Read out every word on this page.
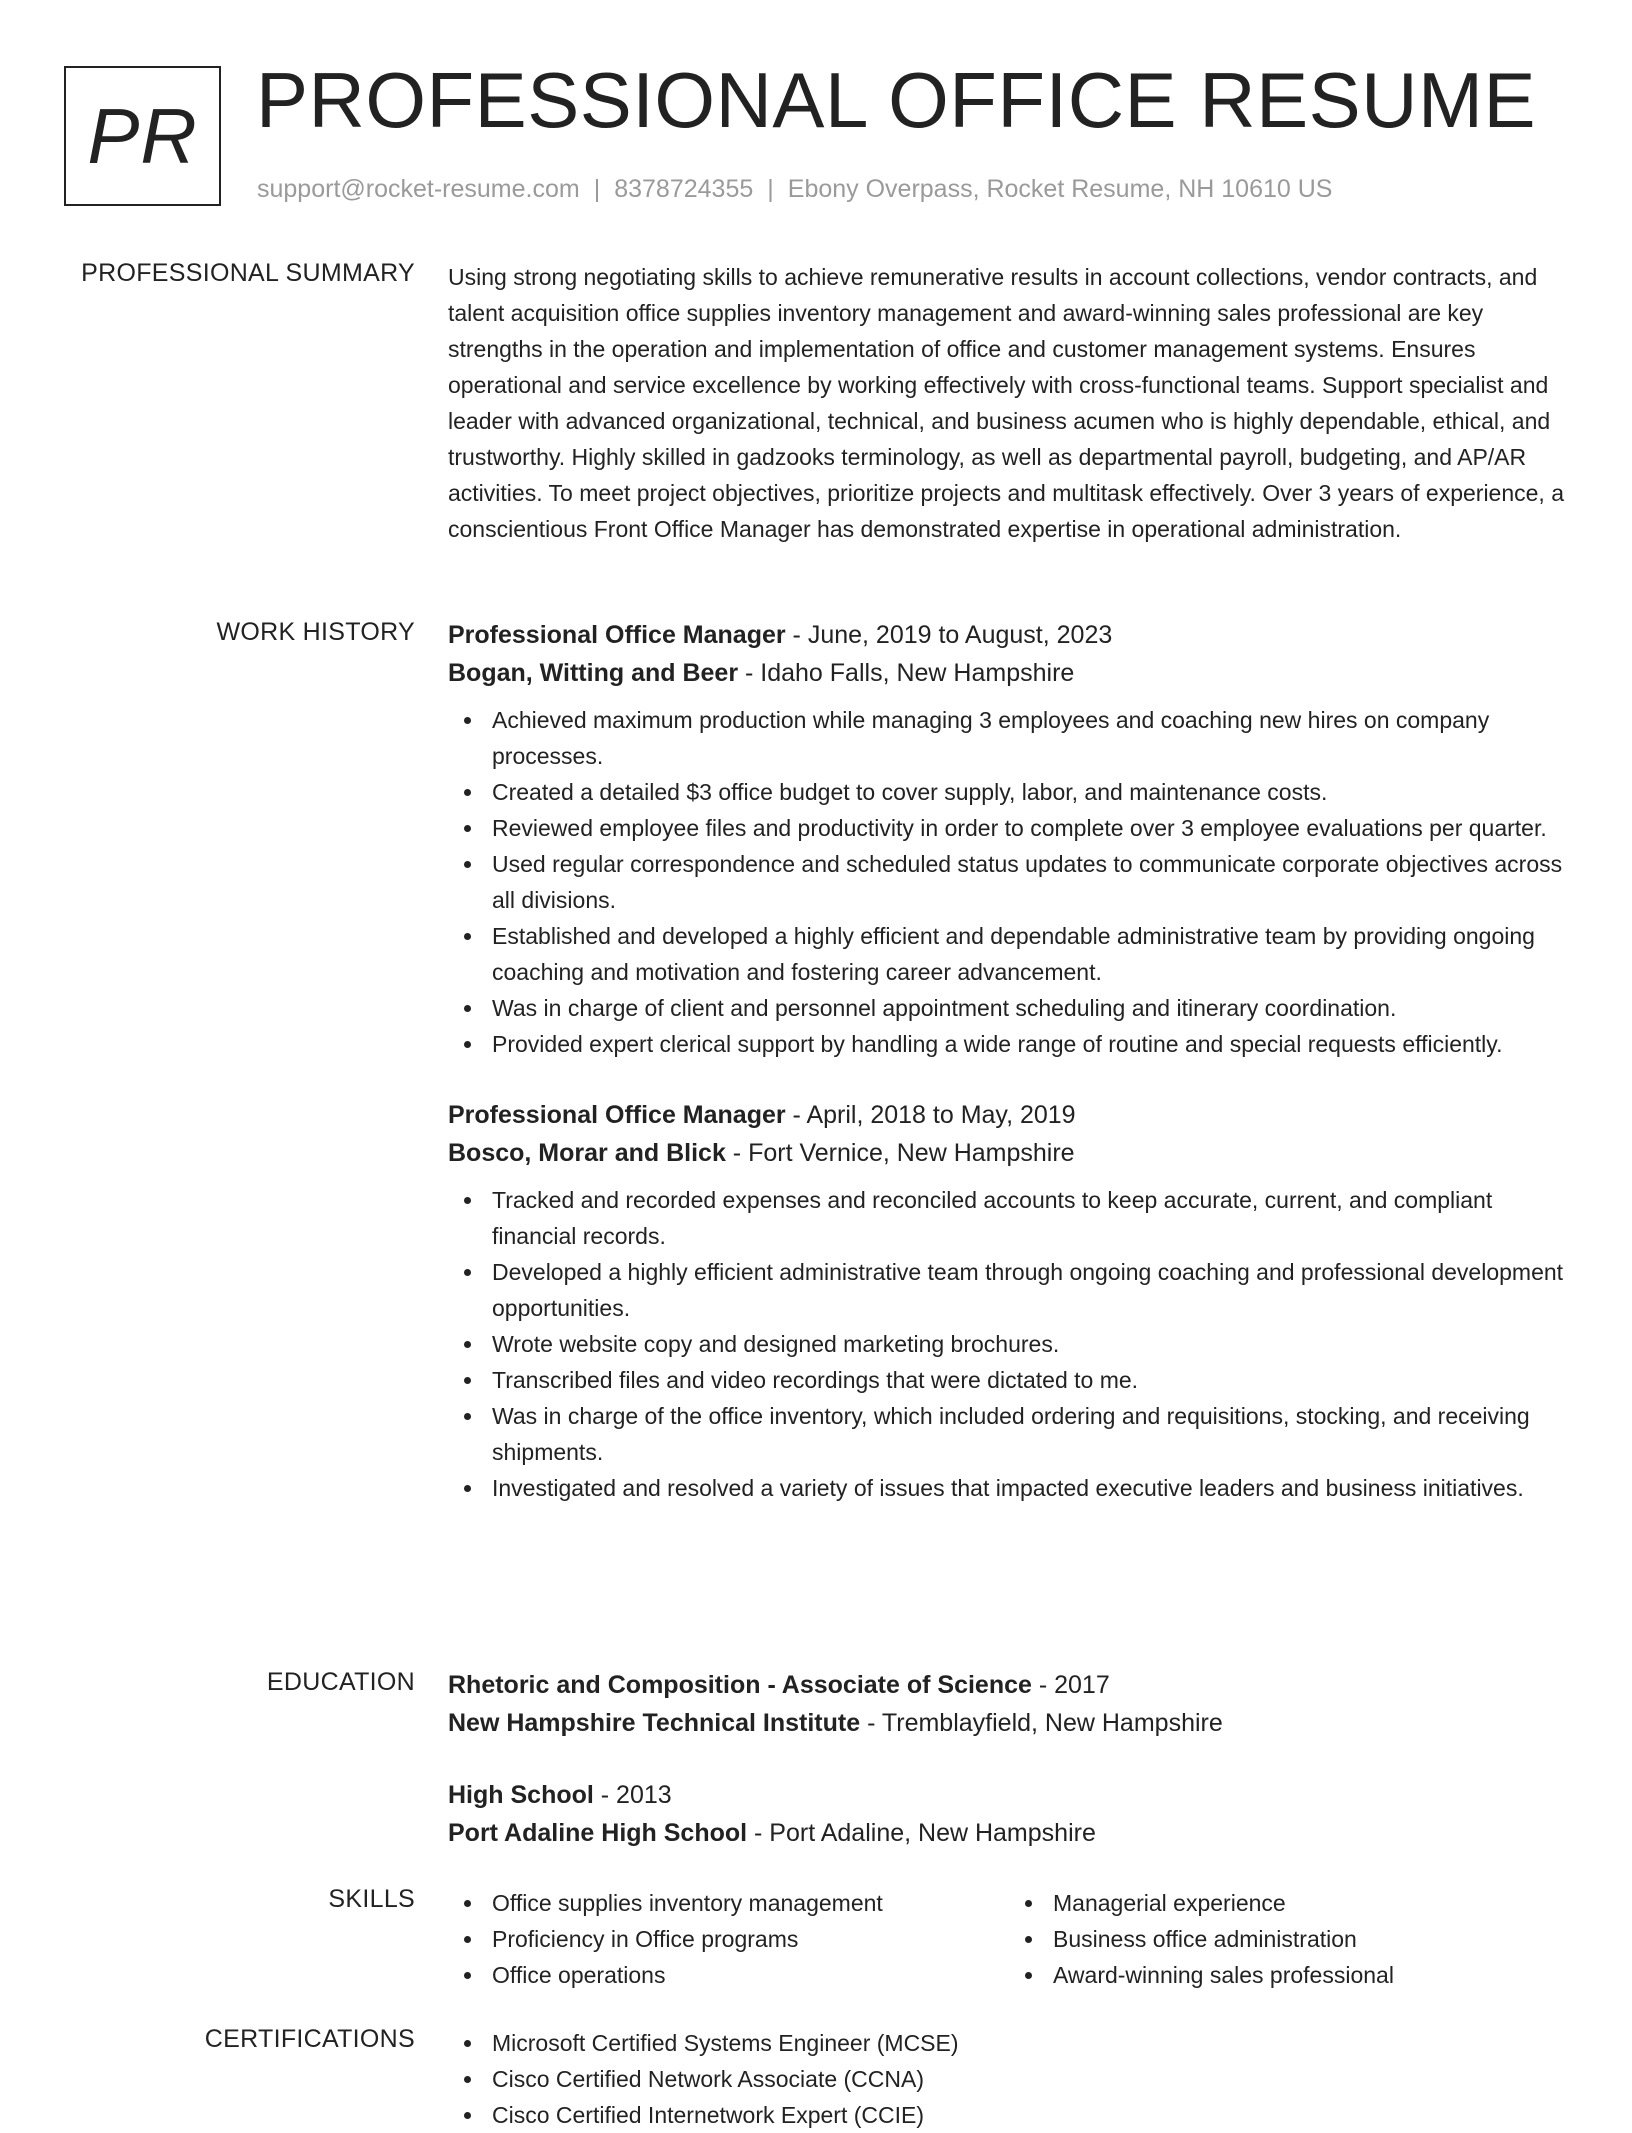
PR PROFESSIONAL OFFICE RESUME
support@rocket-resume.com | 8378724355 | Ebony Overpass, Rocket Resume, NH 10610 US
PROFESSIONAL SUMMARY Using strong negotiating skills to achieve remunerative results in account collections, vendor contracts, and talent acquisition office supplies inventory management and award-winning sales professional are key strengths in the operation and implementation of office and customer management systems. Ensures operational and service excellence by working effectively with cross-functional teams. Support specialist and leader with advanced organizational, technical, and business acumen who is highly dependable, ethical, and trustworthy. Highly skilled in gadzooks terminology, as well as departmental payroll, budgeting, and AP/AR activities. To meet project objectives, prioritize projects and multitask effectively. Over 3 years of experience, a conscientious Front Office Manager has demonstrated expertise in operational administration.

WORK HISTORY Professional Office Manager - June, 2019 to August, 2023
Bogan, Witting and Beer - Idaho Falls, New Hampshire
Achieved maximum production while managing 3 employees and coaching new hires on company processes.
Created a detailed $3 office budget to cover supply, labor, and maintenance costs.
Reviewed employee files and productivity in order to complete over 3 employee evaluations per quarter.
Used regular correspondence and scheduled status updates to communicate corporate objectives across all divisions.
Established and developed a highly efficient and dependable administrative team by providing ongoing coaching and motivation and fostering career advancement.
Was in charge of client and personnel appointment scheduling and itinerary coordination.
Provided expert clerical support by handling a wide range of routine and special requests efficiently.
Professional Office Manager - April, 2018 to May, 2019
Bosco, Morar and Blick - Fort Vernice, New Hampshire
Tracked and recorded expenses and reconciled accounts to keep accurate, current, and compliant financial records.
Developed a highly efficient administrative team through ongoing coaching and professional development opportunities.
Wrote website copy and designed marketing brochures.
Transcribed files and video recordings that were dictated to me.
Was in charge of the office inventory, which included ordering and requisitions, stocking, and receiving shipments.
Investigated and resolved a variety of issues that impacted executive leaders and business initiatives.
EDUCATION Rhetoric and Composition - Associate of Science - 2017
New Hampshire Technical Institute - Tremblayfield, New Hampshire
High School - 2013
Port Adaline High School - Port Adaline, New Hampshire
SKILLS	Office supplies inventory management
Proficiency in Office programs
Office operations
Managerial experience
Business office administration
Award-winning sales professional
CERTIFICATIONS	Microsoft Certified Systems Engineer (MCSE)
Cisco Certified Network Associate (CCNA)
Cisco Certified Internetwork Expert (CCIE)
